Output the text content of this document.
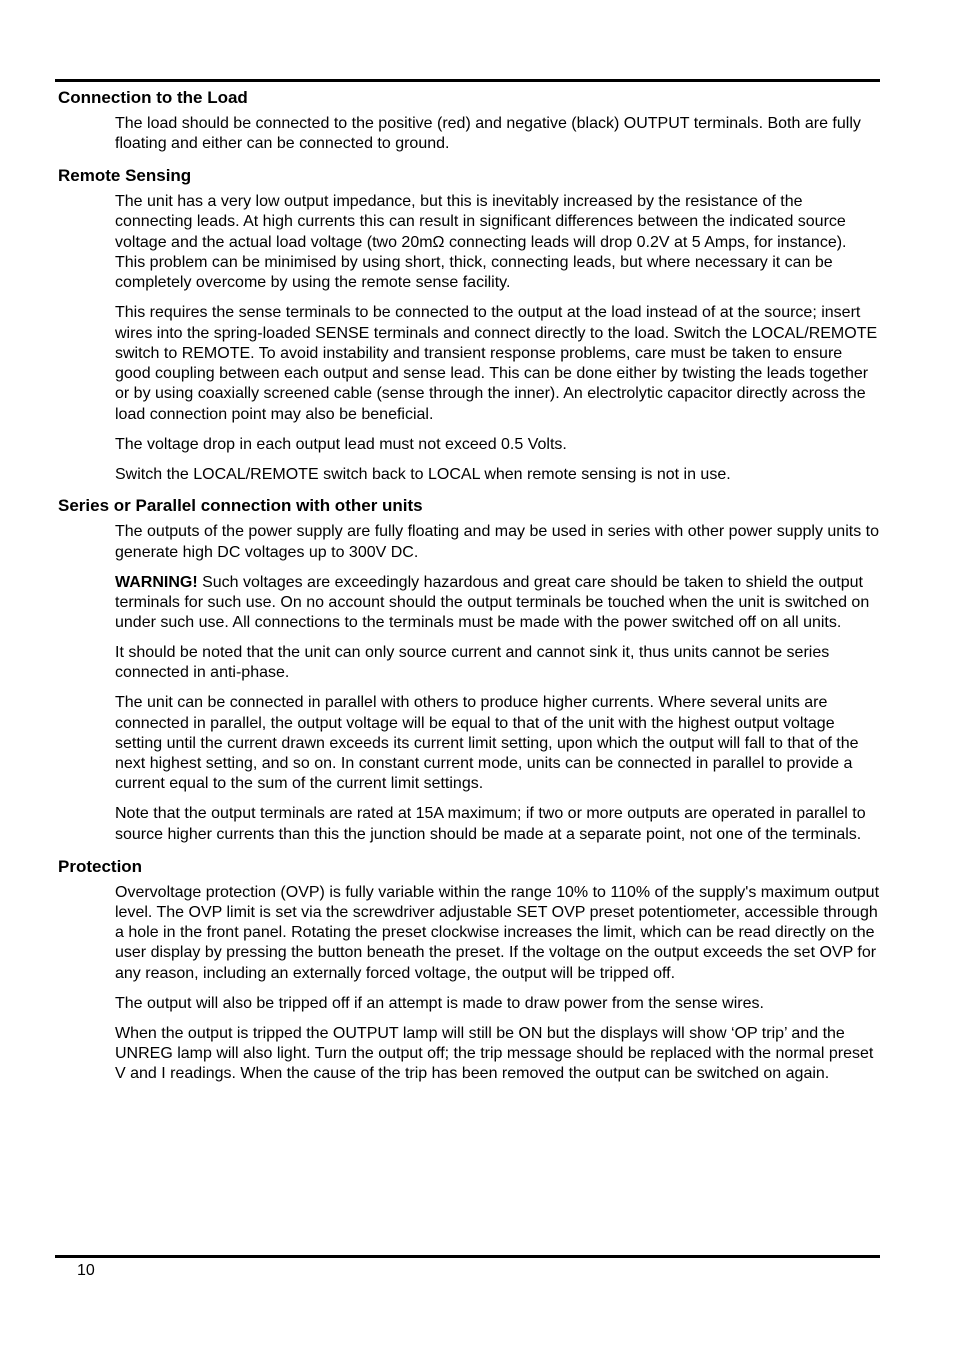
Connection to the Load

The load should be connected to the positive (red) and negative (black) OUTPUT terminals. Both are fully floating and either can be connected to ground.

Remote Sensing

The unit has a very low output impedance, but this is inevitably increased by the resistance of the connecting leads. At high currents this can result in significant differences between the indicated source voltage and the actual load voltage (two 20mΩ connecting leads will drop 0.2V at 5 Amps, for instance). This problem can be minimised by using short, thick, connecting leads, but where necessary it can be completely overcome by using the remote sense facility.

This requires the sense terminals to be connected to the output at the load instead of at the source; insert wires into the spring-loaded SENSE terminals and connect directly to the load. Switch the LOCAL/REMOTE switch to REMOTE. To avoid instability and transient response problems, care must be taken to ensure good coupling between each output and sense lead. This can be done either by twisting the leads together or by using coaxially screened cable (sense through the inner). An electrolytic capacitor directly across the load connection point may also be beneficial.

The voltage drop in each output lead must not exceed 0.5 Volts.

Switch the LOCAL/REMOTE switch back to LOCAL when remote sensing is not in use.

Series or Parallel connection with other units

The outputs of the power supply are fully floating and may be used in series with other power supply units to generate high DC voltages up to 300V DC.

WARNING! Such voltages are exceedingly hazardous and great care should be taken to shield the output terminals for such use. On no account should the output terminals be touched when the unit is switched on under such use. All connections to the terminals must be made with the power switched off on all units.

It should be noted that the unit can only source current and cannot sink it, thus units cannot be series connected in anti-phase.

The unit can be connected in parallel with others to produce higher currents. Where several units are connected in parallel, the output voltage will be equal to that of the unit with the highest output voltage setting until the current drawn exceeds its current limit setting, upon which the output will fall to that of the next highest setting, and so on. In constant current mode, units can be connected in parallel to provide a current equal to the sum of the current limit settings.

Note that the output terminals are rated at 15A maximum; if two or more outputs are operated in parallel to source higher currents than this the junction should be made at a separate point, not one of the terminals.

Protection

Overvoltage protection (OVP) is fully variable within the range 10% to 110% of the supply's maximum output level. The OVP limit is set via the screwdriver adjustable SET OVP preset potentiometer, accessible through a hole in the front panel. Rotating the preset clockwise increases the limit, which can be read directly on the user display by pressing the button beneath the preset. If the voltage on the output exceeds the set OVP for any reason, including an externally forced voltage, the output will be tripped off.

The output will also be tripped off if an attempt is made to draw power from the sense wires.

When the output is tripped the OUTPUT lamp will still be ON but the displays will show ‘OP trip’ and the UNREG lamp will also light. Turn the output off; the trip message should be replaced with the normal preset V and I readings. When the cause of the trip has been removed the output can be switched on again.

10
